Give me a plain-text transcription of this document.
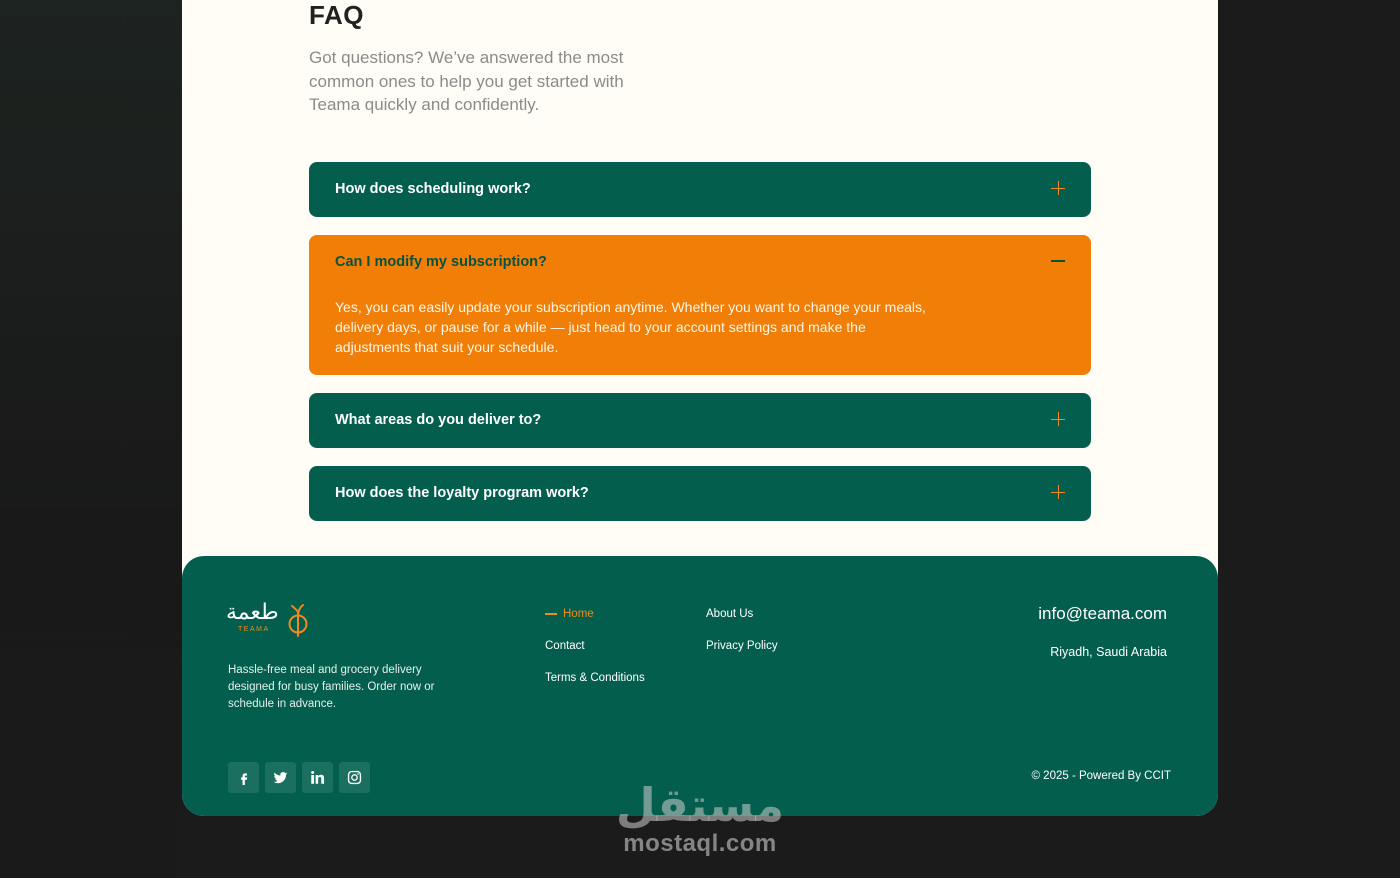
FAQ

Got questions? We’ve answered the most common ones to help you get started with Teama quickly and confidently.

How does scheduling work?
Can I modify my subscription?

Yes, you can easily update your subscription anytime. Whether you want to change your meals, delivery days, or pause for a while — just head to your account settings and make the adjustments that suit your schedule.

What areas do you deliver to?
How does the loyalty program work?
طعمة
TEAMA

Hassle-free meal and grocery delivery designed for busy families. Order now or schedule in advance.

Home	About Us
Contact	Privacy Policy
Terms & Conditions
info@teama.com
Riyadh, Saudi Arabia
© 2025 - Powered By CCIT
مستقل
mostaql.com
